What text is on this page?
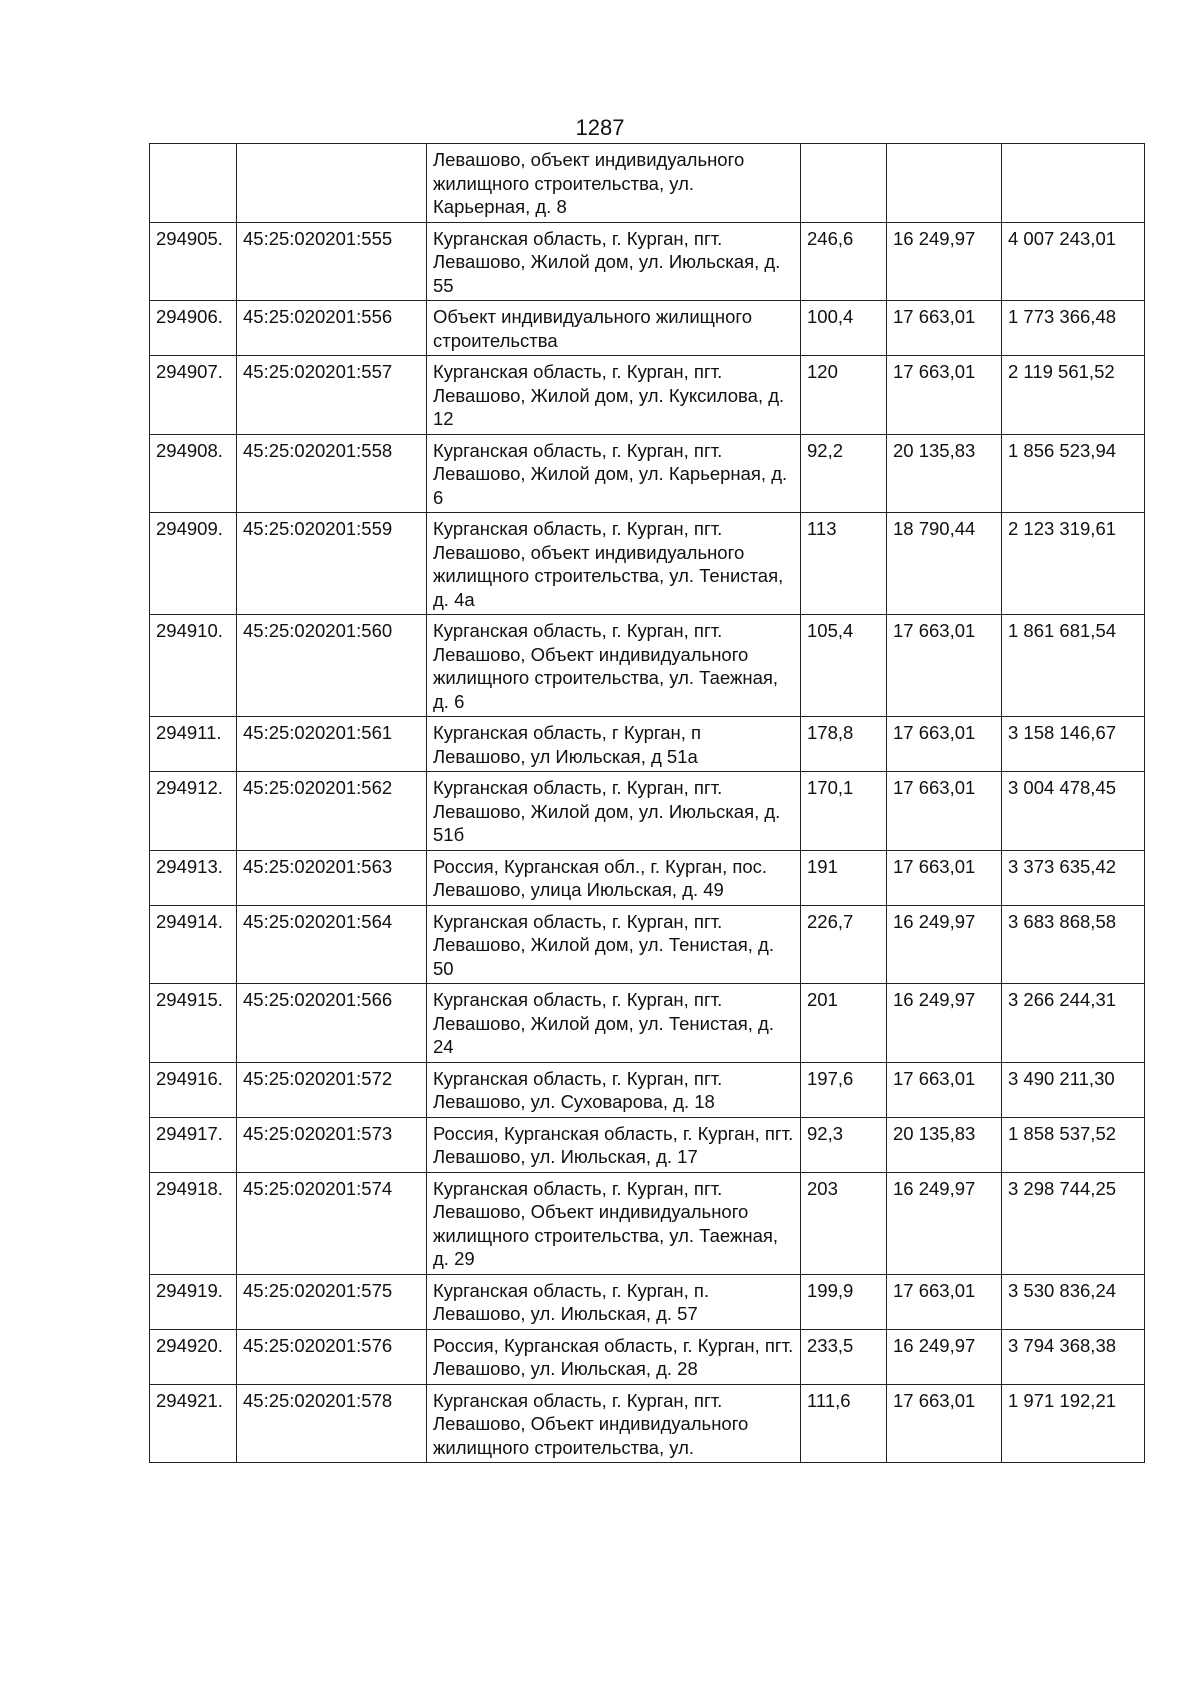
1287
		Левашово, объект индивидуального жилищного строительства, ул. Карьерная, д. 8			
294905.	45:25:020201:555	Курганская область, г. Курган, пгт. Левашово, Жилой дом, ул. Июльская, д. 55	246,6	16 249,97	4 007 243,01
294906.	45:25:020201:556	Объект индивидуального жилищного строительства	100,4	17 663,01	1 773 366,48
294907.	45:25:020201:557	Курганская область, г. Курган, пгт. Левашово, Жилой дом, ул. Куксилова, д. 12	120	17 663,01	2 119 561,52
294908.	45:25:020201:558	Курганская область, г. Курган, пгт. Левашово, Жилой дом, ул. Карьерная, д. 6	92,2	20 135,83	1 856 523,94
294909.	45:25:020201:559	Курганская область, г. Курган, пгт. Левашово, объект индивидуального жилищного строительства, ул. Тенистая, д. 4а	113	18 790,44	2 123 319,61
294910.	45:25:020201:560	Курганская область, г. Курган, пгт. Левашово, Объект индивидуального жилищного строительства, ул. Таежная, д. 6	105,4	17 663,01	1 861 681,54
294911.	45:25:020201:561	Курганская область, г Курган, п Левашово, ул Июльская, д 51а	178,8	17 663,01	3 158 146,67
294912.	45:25:020201:562	Курганская область, г. Курган, пгт. Левашово, Жилой дом, ул. Июльская, д. 51б	170,1	17 663,01	3 004 478,45
294913.	45:25:020201:563	Россия, Курганская обл., г. Курган, пос. Левашово, улица Июльская, д. 49	191	17 663,01	3 373 635,42
294914.	45:25:020201:564	Курганская область, г. Курган, пгт. Левашово, Жилой дом, ул. Тенистая, д. 50	226,7	16 249,97	3 683 868,58
294915.	45:25:020201:566	Курганская область, г. Курган, пгт. Левашово, Жилой дом, ул. Тенистая, д. 24	201	16 249,97	3 266 244,31
294916.	45:25:020201:572	Курганская область, г. Курган, пгт. Левашово, ул. Суховарова, д. 18	197,6	17 663,01	3 490 211,30
294917.	45:25:020201:573	Россия, Курганская область, г. Курган, пгт. Левашово, ул. Июльская, д. 17	92,3	20 135,83	1 858 537,52
294918.	45:25:020201:574	Курганская область, г. Курган, пгт. Левашово, Объект индивидуального жилищного строительства, ул. Таежная, д. 29	203	16 249,97	3 298 744,25
294919.	45:25:020201:575	Курганская область, г. Курган, п. Левашово, ул. Июльская, д. 57	199,9	17 663,01	3 530 836,24
294920.	45:25:020201:576	Россия, Курганская область, г. Курган, пгт. Левашово, ул. Июльская, д. 28	233,5	16 249,97	3 794 368,38
294921.	45:25:020201:578	Курганская область, г. Курган, пгт. Левашово, Объект индивидуального жилищного строительства, ул.	111,6	17 663,01	1 971 192,21
